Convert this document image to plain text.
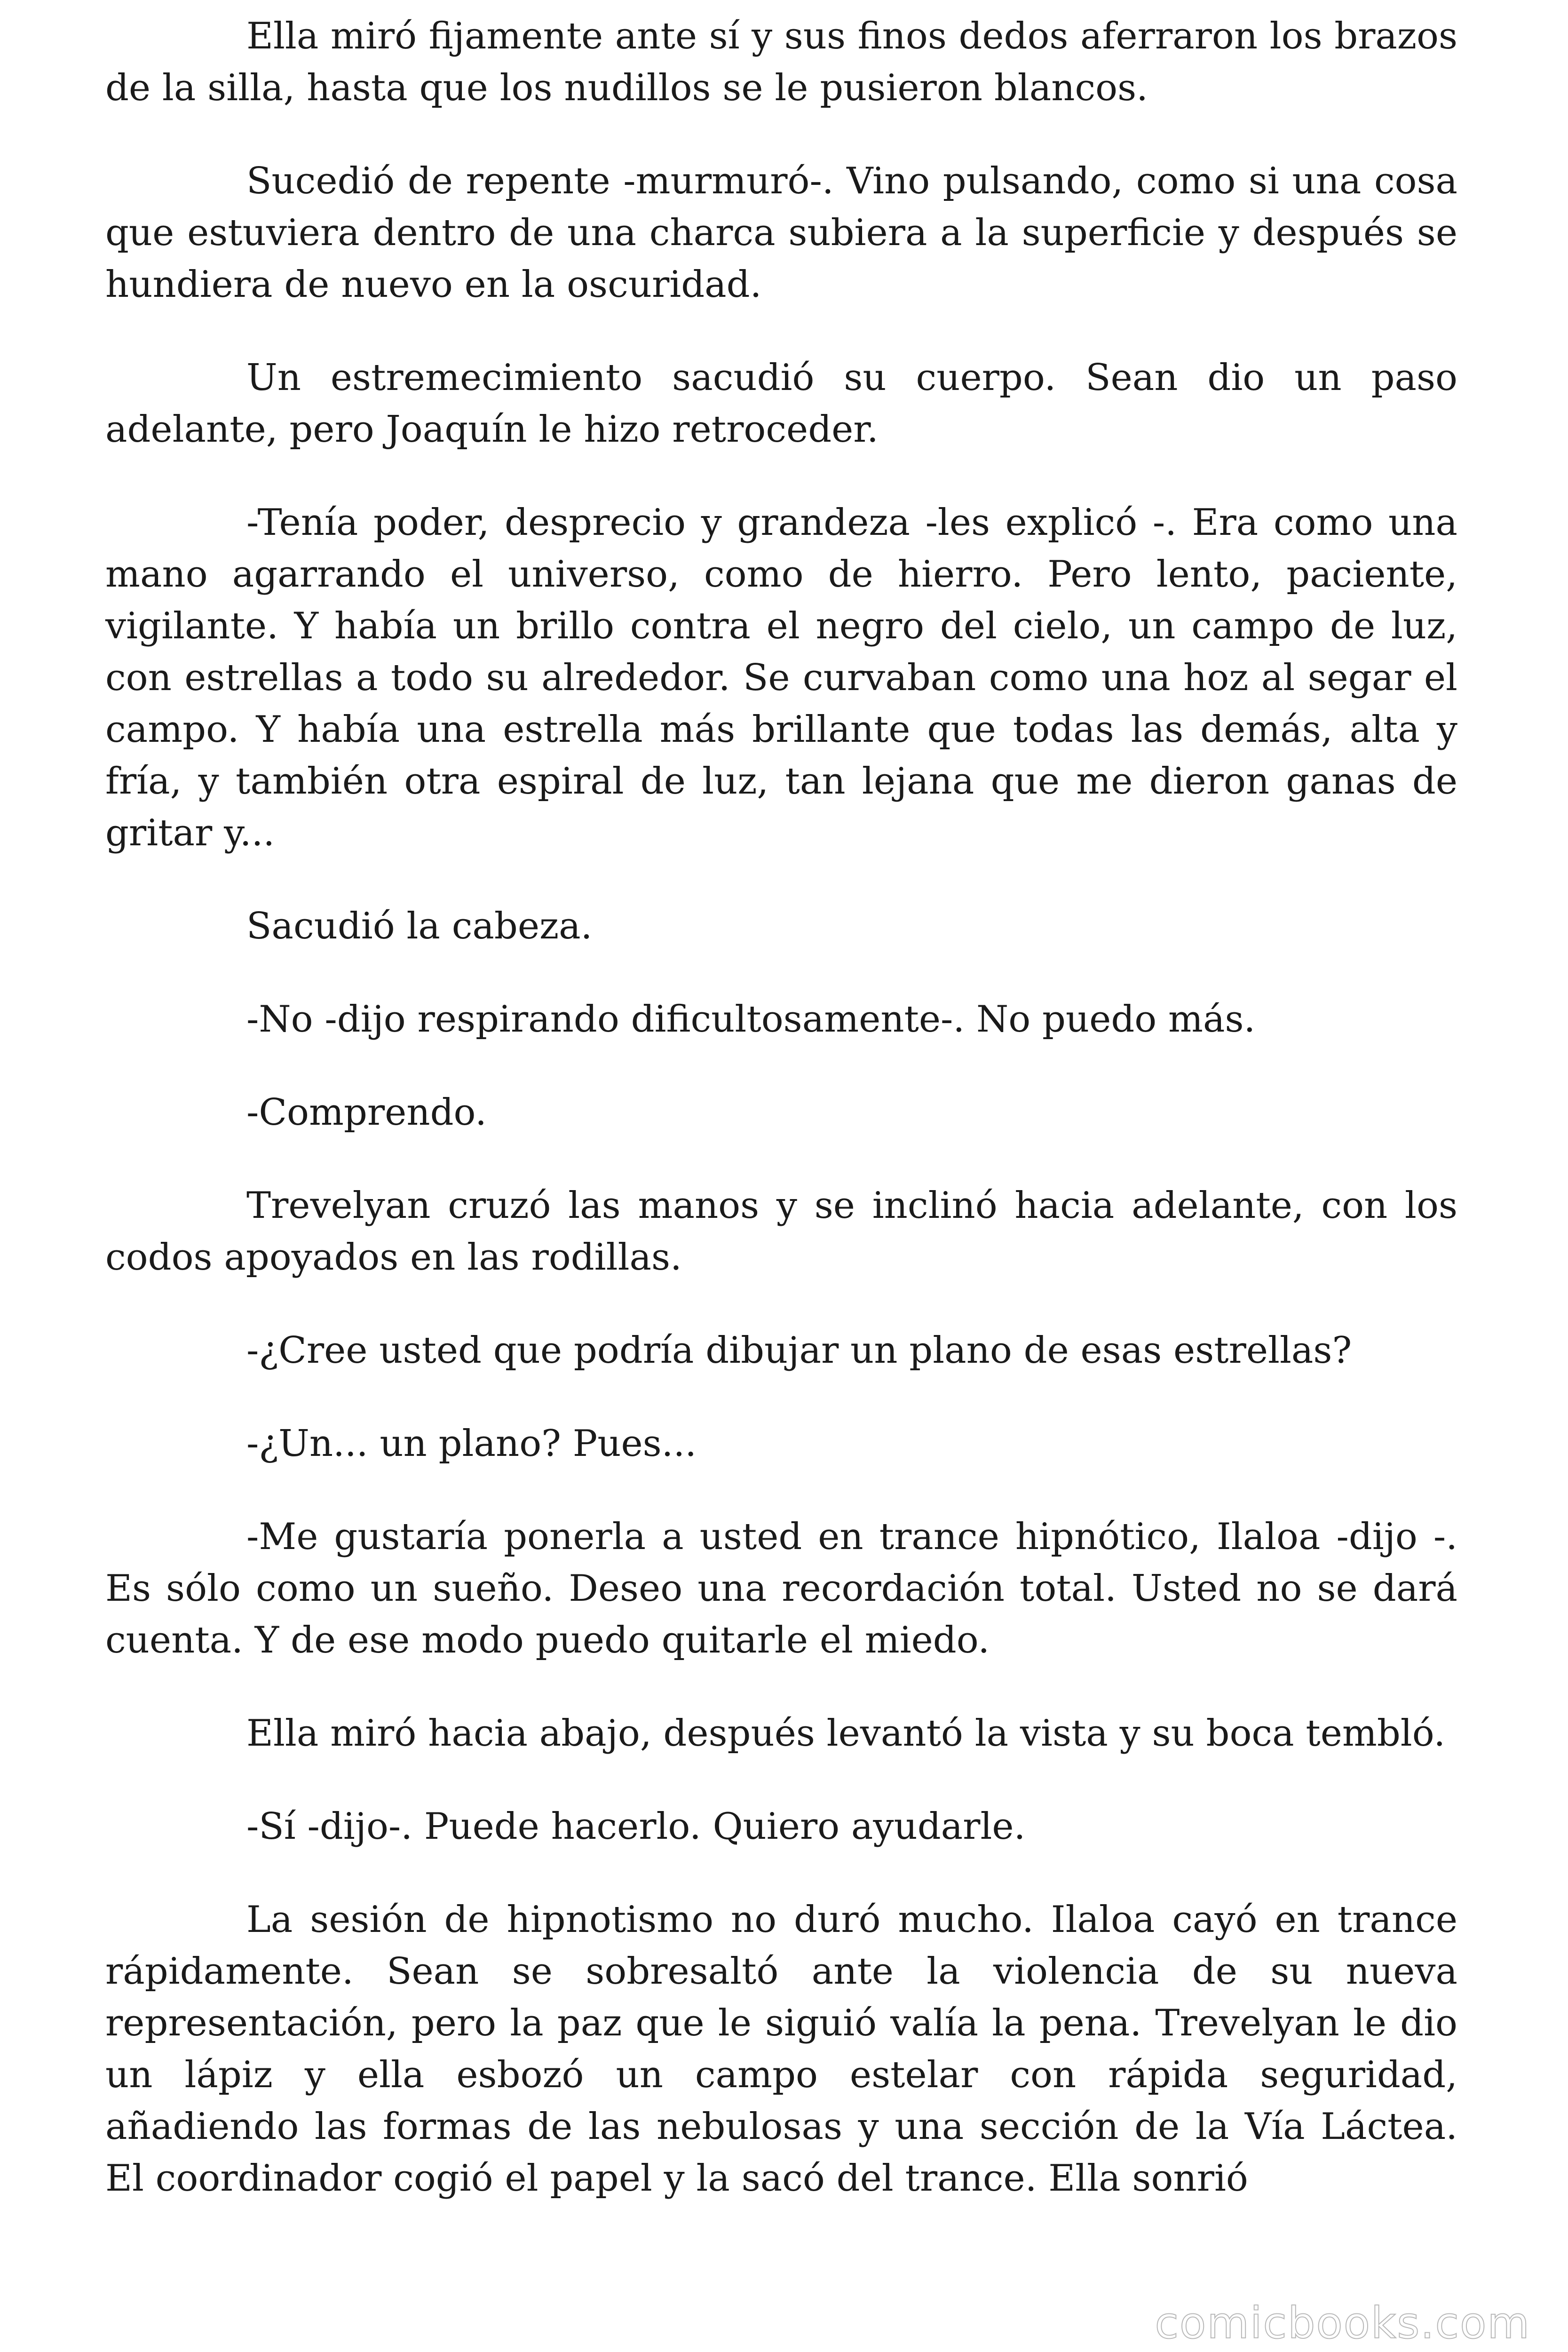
Ella miró fijamente ante sí y sus finos dedos aferraron los brazos de la silla, hasta que los nudillos se le pusieron blancos.

Sucedió de repente -murmuró-. Vino pulsando, como si una cosa que estuviera dentro de una charca subiera a la superficie y después se hundiera de nuevo en la oscuridad.

Un estremecimiento sacudió su cuerpo. Sean dio un paso adelante, pero Joaquín le hizo retroceder.

-Tenía poder, desprecio y grandeza -les explicó -. Era como una mano agarrando el universo, como de hierro. Pero lento, paciente, vigilante. Y había un brillo contra el negro del cielo, un campo de luz, con estrellas a todo su alrededor. Se curvaban como una hoz al segar el campo. Y había una estrella más brillante que todas las demás, alta y fría, y también otra espiral de luz, tan lejana que me dieron ganas de gritar y...

Sacudió la cabeza.

-No -dijo respirando dificultosamente-. No puedo más.

-Comprendo.

Trevelyan cruzó las manos y se inclinó hacia adelante, con los codos apoyados en las rodillas.

-¿Cree usted que podría dibujar un plano de esas estrellas?

-¿Un... un plano? Pues...

-Me gustaría ponerla a usted en trance hipnótico, Ilaloa -dijo -. Es sólo como un sueño. Deseo una recordación total. Usted no se dará cuenta. Y de ese modo puedo quitarle el miedo.

Ella miró hacia abajo, después levantó la vista y su boca tembló.

-Sí -dijo-. Puede hacerlo. Quiero ayudarle.

La sesión de hipnotismo no duró mucho. Ilaloa cayó en trance rápidamente. Sean se sobresaltó ante la violencia de su nueva representación, pero la paz que le siguió valía la pena. Trevelyan le dio un lápiz y ella esbozó un campo estelar con rápida seguridad, añadiendo las formas de las nebulosas y una sección de la Vía Láctea. El coordinador cogió el papel y la sacó del trance. Ella sonrió

comicbooks.com
